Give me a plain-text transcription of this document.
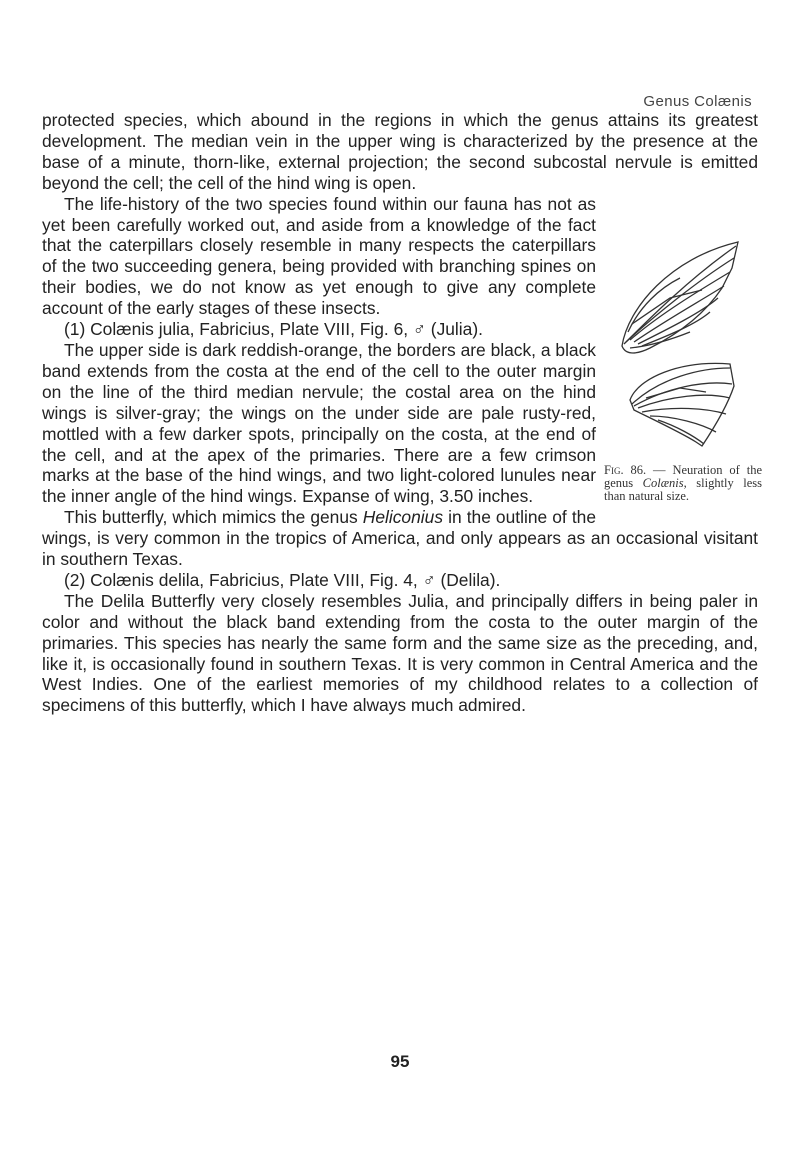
Genus Colænis

protected species, which abound in the regions in which the genus attains its greatest development. The median vein in the upper wing is characterized by the presence at the base of a minute, thorn-like, external projection; the second subcostal nervule is emitted beyond the cell; the cell of the hind wing is open.

Fig. 86. — Neuration of the genus Colænis, slightly less than natural size.

The life-history of the two species found within our fauna has not as yet been carefully worked out, and aside from a knowledge of the fact that the caterpillars closely resemble in many respects the caterpillars of the two succeeding genera, being provided with branching spines on their bodies, we do not know as yet enough to give any complete account of the early stages of these insects.

(1) Colænis julia, Fabricius, Plate VIII, Fig. 6, ♂ (Julia).

The upper side is dark reddish-orange, the borders are black, a black band extends from the costa at the end of the cell to the outer margin on the line of the third median nervule; the costal area on the hind wings is silver-gray; the wings on the under side are pale rusty-red, mottled with a few darker spots, principally on the costa, at the end of the cell, and at the apex of the primaries. There are a few crimson marks at the base of the hind wings, and two light-colored lunules near the inner angle of the hind wings. Expanse of wing, 3.50 inches.

This butterfly, which mimics the genus Heliconius in the outline of the wings, is very common in the tropics of America, and only appears as an occasional visitant in southern Texas.

(2) Colænis delila, Fabricius, Plate VIII, Fig. 4, ♂ (Delila).

The Delila Butterfly very closely resembles Julia, and principally differs in being paler in color and without the black band extending from the costa to the outer margin of the primaries. This species has nearly the same form and the same size as the preceding, and, like it, is occasionally found in southern Texas. It is very common in Central America and the West Indies. One of the earliest memories of my childhood relates to a collection of specimens of this butterfly, which I have always much admired.

95
